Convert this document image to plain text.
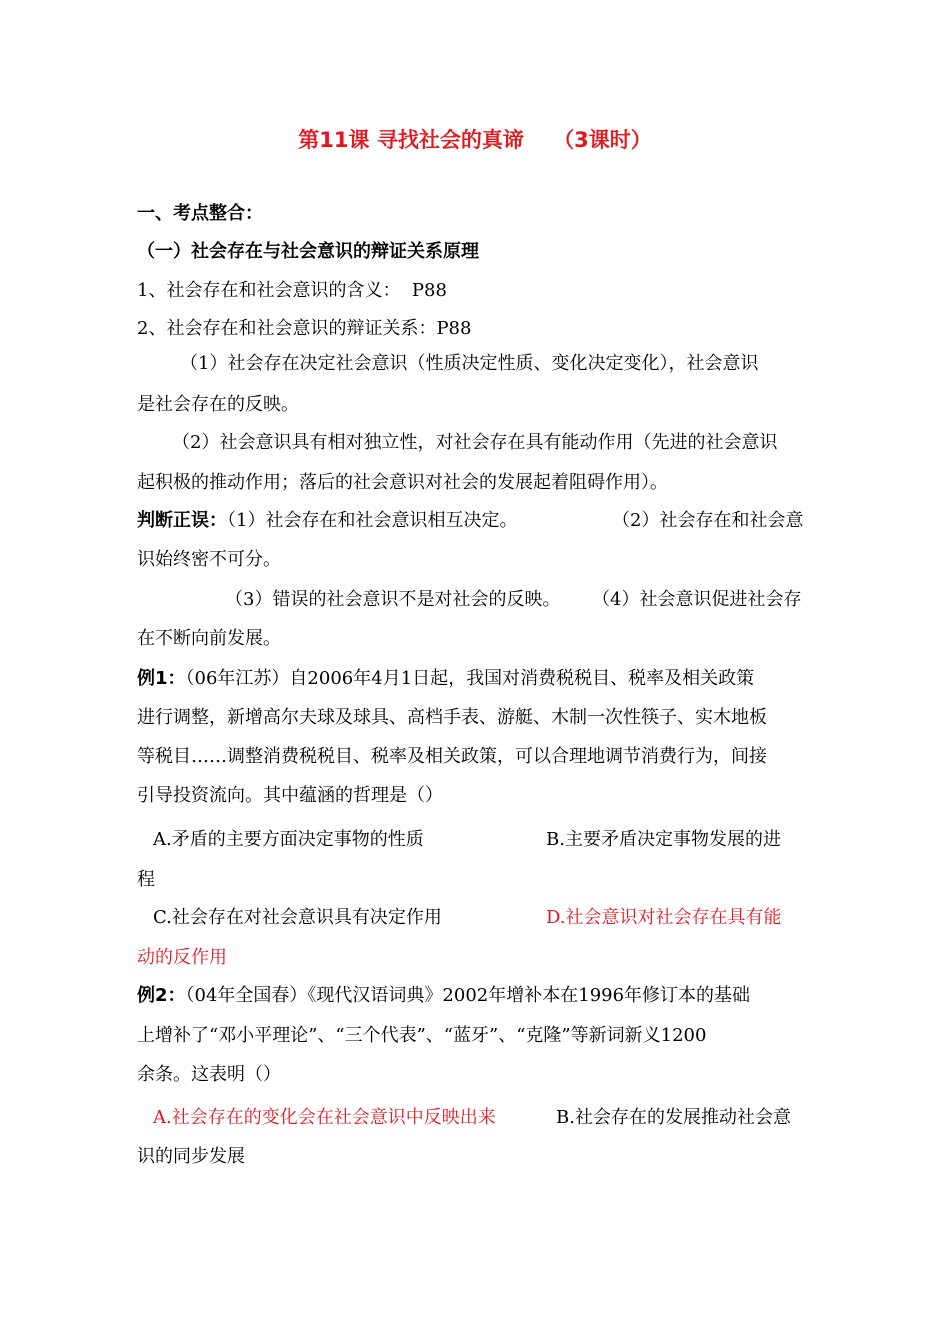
第11课 寻找社会的真谛 （3课时）
一、考点整合：
（一）社会存在与社会意识的辩证关系原理
1、社会存在和社会意识的含义：  P88
2、社会存在和社会意识的辩证关系：P88
（1）社会存在决定社会意识（性质决定性质、变化决定变化），社会意识
是社会存在的反映。
（2）社会意识具有相对独立性，对社会存在具有能动作用（先进的社会意识
起积极的推动作用；落后的社会意识对社会的发展起着阻碍作用）。
判断正误：（1）社会存在和社会意识相互决定。	（2）社会存在和社会意
识始终密不可分。
（3）错误的社会意识不是对社会的反映。 （4）社会意识促进社会存
在不断向前发展。
例1：（06年江苏）自2006年4月1日起，我国对消费税税目、税率及相关政策
进行调整，新增高尔夫球及球具、高档手表、游艇、木制一次性筷子、实木地板
等税目……调整消费税税目、税率及相关政策，可以合理地调节消费行为，间接
引导投资流向。其中蕴涵的哲理是（）
A.矛盾的主要方面决定事物的性质	B.主要矛盾决定事物发展的进
程
C.社会存在对社会意识具有决定作用	D.社会意识对社会存在具有能
动的反作用
例2：（04年全国春）《现代汉语词典》2002年增补本在1996年修订本的基础
上增补了“邓小平理论”、“三个代表”、“蓝牙”、“克隆”等新词新义1200
余条。这表明（）
A.社会存在的变化会在社会意识中反映出来	B.社会存在的发展推动社会意
识的同步发展
